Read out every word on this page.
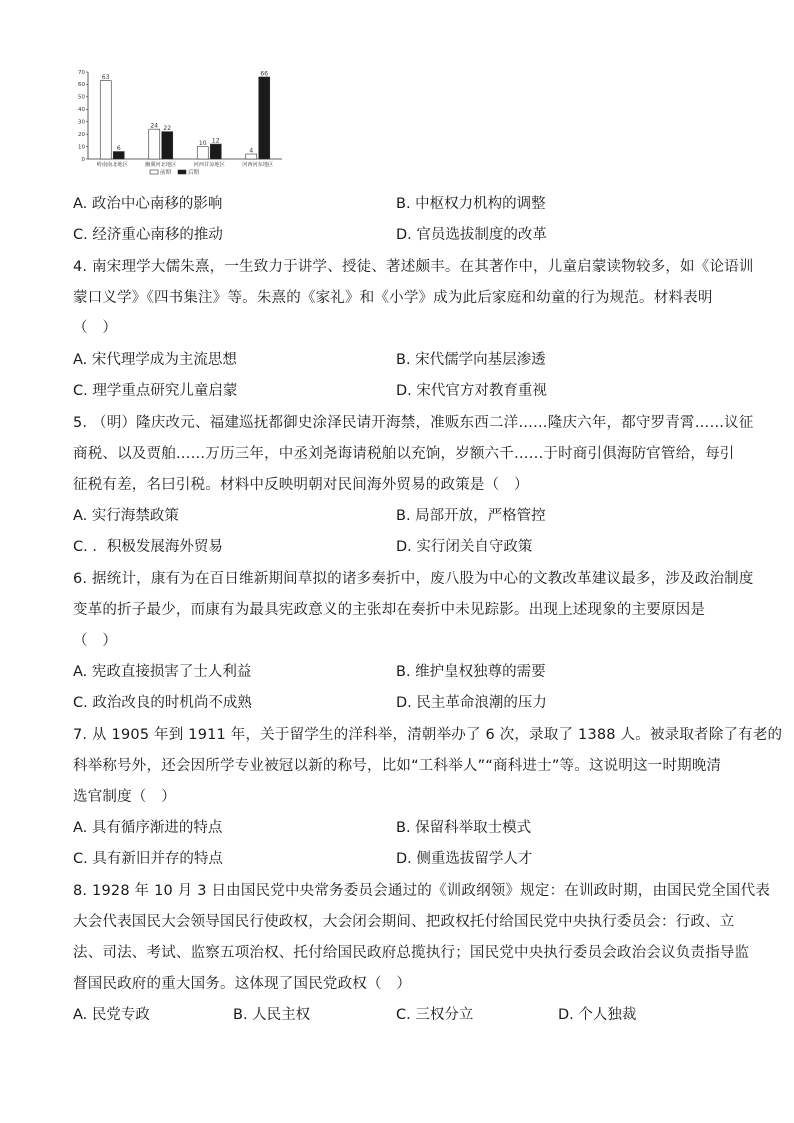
0
10
20
30
40
50
60
70
63
6
岭南南北地区
24 22
幽冀河北地区
10 12
河西甘凉地区
4
66
河西河东地区
前期	后期
A. 政治中心南移的影响	B. 中枢权力机构的调整
C. 经济重心南移的推动	D. 官员选拔制度的改革
4. 南宋理学大儒朱熹，一生致力于讲学、授徒、著述颇丰。在其著作中，儿童启蒙读物较多，如《论语训
蒙口义学》《四书集注》等。朱熹的《家礼》和《小学》成为此后家庭和幼童的行为规范。材料表明
（　）
A. 宋代理学成为主流思想	B. 宋代儒学向基层渗透
C. 理学重点研究儿童启蒙	D. 宋代官方对教育重视
5. （明）隆庆改元、福建巡抚都御史涂泽民请开海禁，准贩东西二洋……隆庆六年，都守罗青霄……议征
商税、以及贾舶……万历三年，中丞刘尧诲请税舶以充饷，岁额六千……于时商引俱海防官管给，每引
征税有差，名曰引税。材料中反映明朝对民间海外贸易的政策是（　）
A. 实行海禁政策	B. 局部开放，严格管控
C. ．积极发展海外贸易	D. 实行闭关自守政策
6. 据统计，康有为在百日维新期间草拟的诸多奏折中，废八股为中心的文教改革建议最多，涉及政治制度
变革的折子最少，而康有为最具宪政意义的主张却在奏折中未见踪影。出现上述现象的主要原因是
（　）
A. 宪政直接损害了士人利益	B. 维护皇权独尊的需要
C. 政治改良的时机尚不成熟	D. 民主革命浪潮的压力
7. 从 1905 年到 1911 年，关于留学生的洋科举，清朝举办了 6 次，录取了 1388 人。被录取者除了有老的
科举称号外，还会因所学专业被冠以新的称号，比如“工科举人”“商科进士”等。这说明这一时期晚清
选官制度（　）
A. 具有循序渐进的特点	B. 保留科举取士模式
C. 具有新旧并存的特点	D. 侧重选拔留学人才
8. 1928 年 10 月 3 日由国民党中央常务委员会通过的《训政纲领》规定：在训政时期，由国民党全国代表
大会代表国民大会领导国民行使政权，大会闭会期间、把政权托付给国民党中央执行委员会：行政、立
法、司法、考试、监察五项治权、托付给国民政府总揽执行；国民党中央执行委员会政治会议负责指导监
督国民政府的重大国务。这体现了国民党政权（　）
A. 民党专政	B. 人民主权	C. 三权分立	D. 个人独裁
